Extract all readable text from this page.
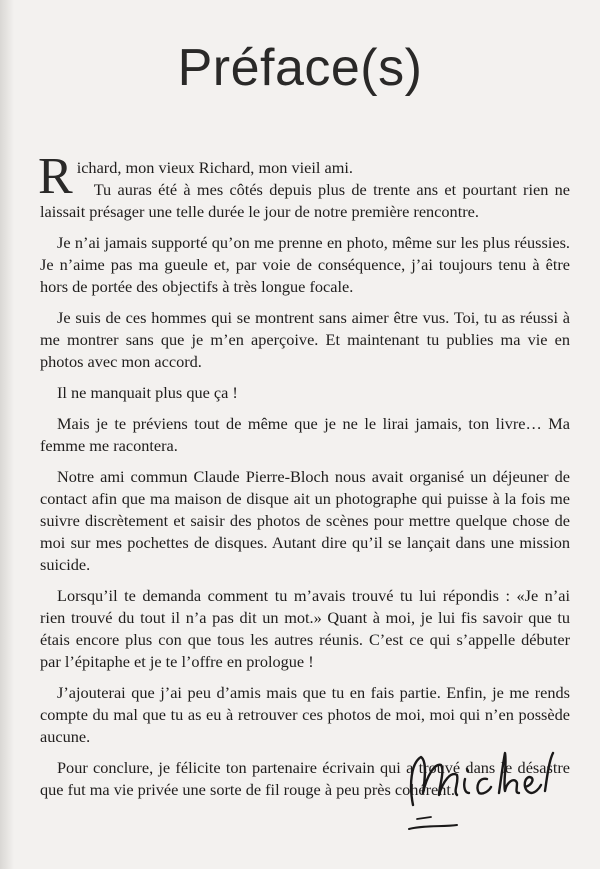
Préface(s)

Richard, mon vieux Richard, mon vieil ami.

Tu auras été à mes côtés depuis plus de trente ans et pourtant rien ne laissait présager une telle durée le jour de notre première rencontre.

Je n’ai jamais supporté qu’on me prenne en photo, même sur les plus réussies. Je n’aime pas ma gueule et, par voie de conséquence, j’ai toujours tenu à être hors de portée des objectifs à très longue focale.

Je suis de ces hommes qui se montrent sans aimer être vus. Toi, tu as réussi à me montrer sans que je m’en aperçoive. Et maintenant tu publies ma vie en photos avec mon accord.

Il ne manquait plus que ça !

Mais je te préviens tout de même que je ne le lirai jamais, ton livre… Ma femme me racontera.

Notre ami commun Claude Pierre-Bloch nous avait organisé un déjeuner de contact afin que ma maison de disque ait un photographe qui puisse à la fois me suivre discrètement et saisir des photos de scènes pour mettre quelque chose de moi sur mes pochettes de disques. Autant dire qu’il se lançait dans une mission suicide.

Lorsqu’il te demanda comment tu m’avais trouvé tu lui répondis : «Je n’ai rien trouvé du tout il n’a pas dit un mot.» Quant à moi, je lui fis savoir que tu étais encore plus con que tous les autres réunis. C’est ce qui s’appelle débuter par l’épitaphe et je te l’offre en prologue !

J’ajouterai que j’ai peu d’amis mais que tu en fais partie. Enfin, je me rends compte du mal que tu as eu à retrouver ces photos de moi, moi qui n’en possède aucune.

Pour conclure, je félicite ton partenaire écrivain qui a trouvé dans le désastre que fut ma vie privée une sorte de fil rouge à peu près cohérent.
